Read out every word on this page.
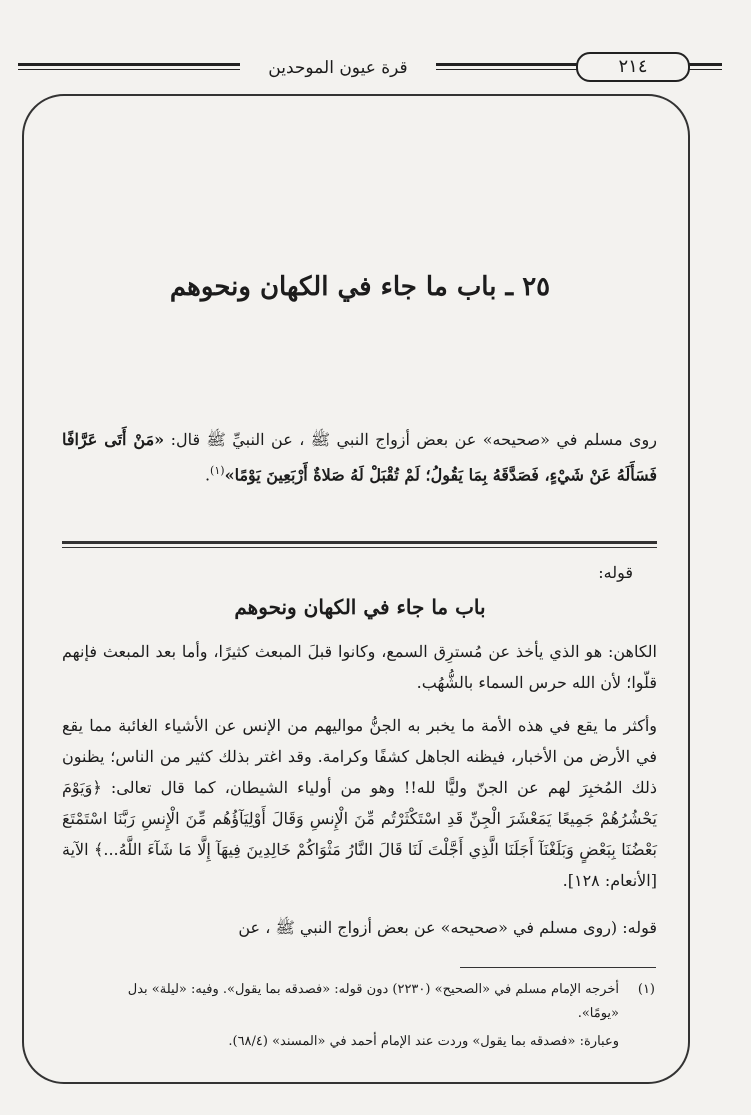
قرة عيون الموحدين	٢١٤
٢٥ ـ باب ما جاء في الكهان ونحوهم
روى مسلم في «صحيحه» عن بعض أزواج النبي ﷺ ، عن النبيِّ ﷺ قال: «مَنْ أَتَى عَرَّافًا فَسَأَلَهُ عَنْ شَيْءٍ، فَصَدَّقَهُ بِمَا يَقُولُ؛ لَمْ تُقْبَلْ لَهُ صَلاةٌ أَرْبَعِينَ يَوْمًا»$^{(١)}$.
قوله:
باب ما جاء في الكهان ونحوهم
الكاهن: هو الذي يأخذ عن مُسترِق السمع، وكانوا قبلَ المبعث كثيرًا، وأما بعد المبعث فإنهم قلّوا؛ لأن الله حرس السماء بالشُّهُب.
وأكثر ما يقع في هذه الأمة ما يخبر به الجنُّ مواليهم من الإنس عن الأشياء الغائبة مما يقع في الأرض من الأخبار، فيظنه الجاهل كشفًا وكرامة. وقد اغتر بذلك كثير من الناس؛ يظنون ذلك المُخبِرَ لهم عن الجنّ وليًّا لله!! وهو من أولياء الشيطان، كما قال تعالى: ﴿وَيَوْمَ يَحْشُرُهُمْ جَمِيعًا يَمَعْشَرَ الْجِنِّ قَدِ اسْتَكْثَرْتُم مِّنَ الْإِنسِ وَقَالَ أَوْلِيَآؤُهُم مِّنَ الْإِنسِ رَبَّنَا اسْتَمْتَعَ بَعْضُنَا بِبَعْضٍ وَبَلَغْنَآ أَجَلَنَا الَّذِي أَجَّلْتَ لَنَا قَالَ النَّارُ مَثْوَاكُمْ خَالِدِينَ فِيهَآ إِلَّا مَا شَآءَ اللَّهُ...﴾ الآية [الأنعام: ١٢٨].
قوله: (روى مسلم في «صحيحه» عن بعض أزواج النبي ﷺ ، عن
(١)
أخرجه الإمام مسلم في «الصحيح» (٢٢٣٠) دون قوله: «فصدقه بما يقول». وفيه: «ليلة» بدل «يومًا».
وعبارة: «فصدقه بما يقول» وردت عند الإمام أحمد في «المسند» (٦٨/٤).
